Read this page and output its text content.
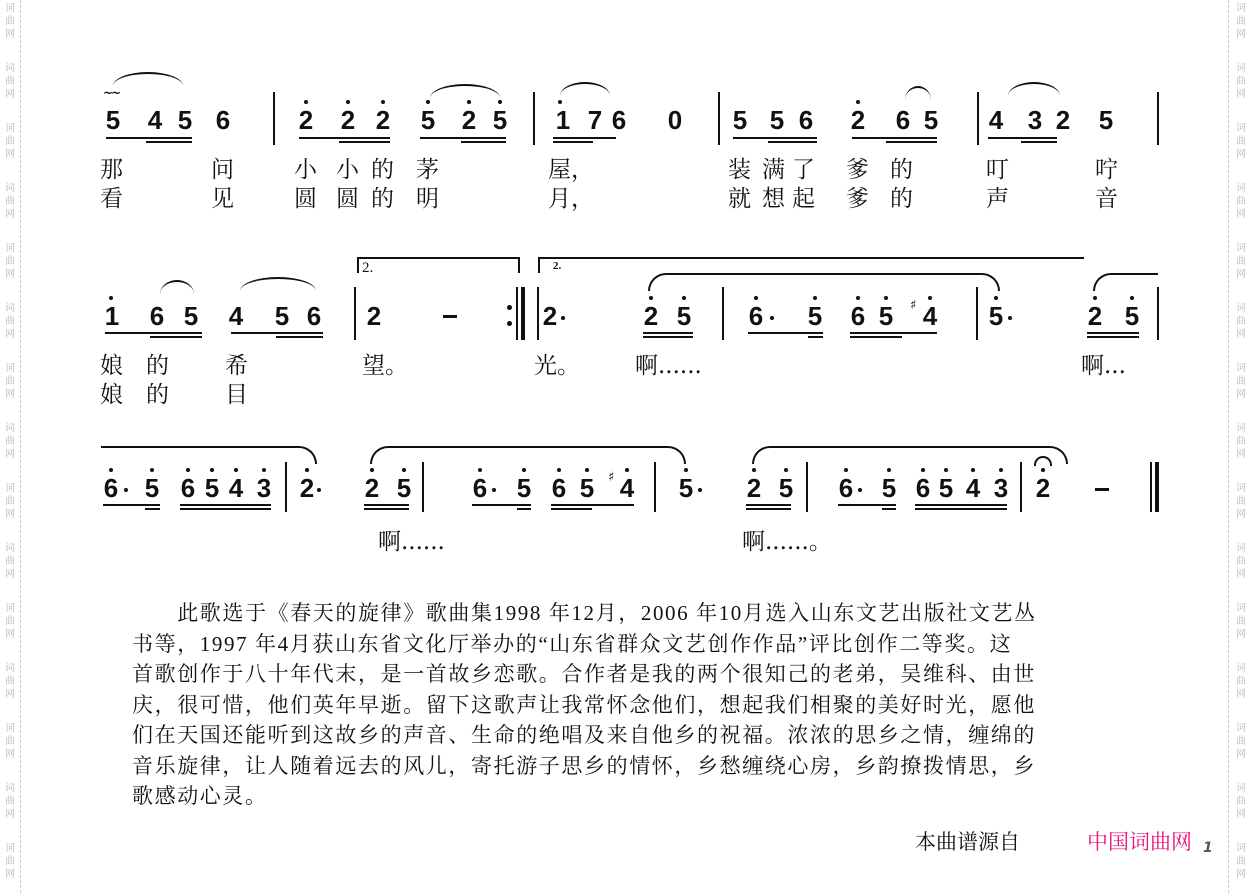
词
曲
网
词
曲
网
词
曲
网
词
曲
网
词
曲
网
词
曲
网
词
曲
网
词
曲
网
词
曲
网
词
曲
网
词
曲
网
词
曲
网
词
曲
网
词
曲
网
词
曲
网
词
曲
网
词
曲
网
词
曲
网
词
曲
网
词
曲
网
词
曲
网
词
曲
网
词
曲
网
词
曲
网
词
曲
网
词
曲
网
词
曲
网
词
曲
网
词
曲
网
词
曲
网
~~
5 4 5 6	2 2 2 5 2 5 1 7 6 0 5 5 6 2 6 5 4 3 2 5
那	问	小 小 的 茅	屋，	装 满 了 爹 的	叮	咛
看	见	圆 圆 的 明	月，	就 想 起 爹 的	声	音
1 6 5 4 5 6
2.
2
2.
2	2 5 6 5 6 5 ♯ 4 5	2 5
娘 的 希	望。	光。 啊......	啊...
娘 的 目
6 5 6 5 4 3 2 2 5 6 5 6 5 ♯ 4 5 2 5 6 5 6 5 4 3 2
啊......	啊......。

　　此歌选于《春天的旋律》歌曲集1998 年12月，2006 年10月选入山东文艺出版社文艺丛

书等，1997 年4月获山东省文化厅举办的“山东省群众文艺创作作品”评比创作二等奖。这

首歌创作于八十年代末，是一首故乡恋歌。合作者是我的两个很知己的老弟，吴维科、由世

庆，很可惜，他们英年早逝。留下这歌声让我常怀念他们，想起我们相聚的美好时光，愿他

们在天国还能听到这故乡的声音、生命的绝唱及来自他乡的祝福。浓浓的思乡之情，缠绵的

音乐旋律，让人随着远去的风儿，寄托游子思乡的情怀，乡愁缠绕心房，乡韵撩拨情思，乡

歌感动心灵。

本曲谱源自	中国词曲网 1
